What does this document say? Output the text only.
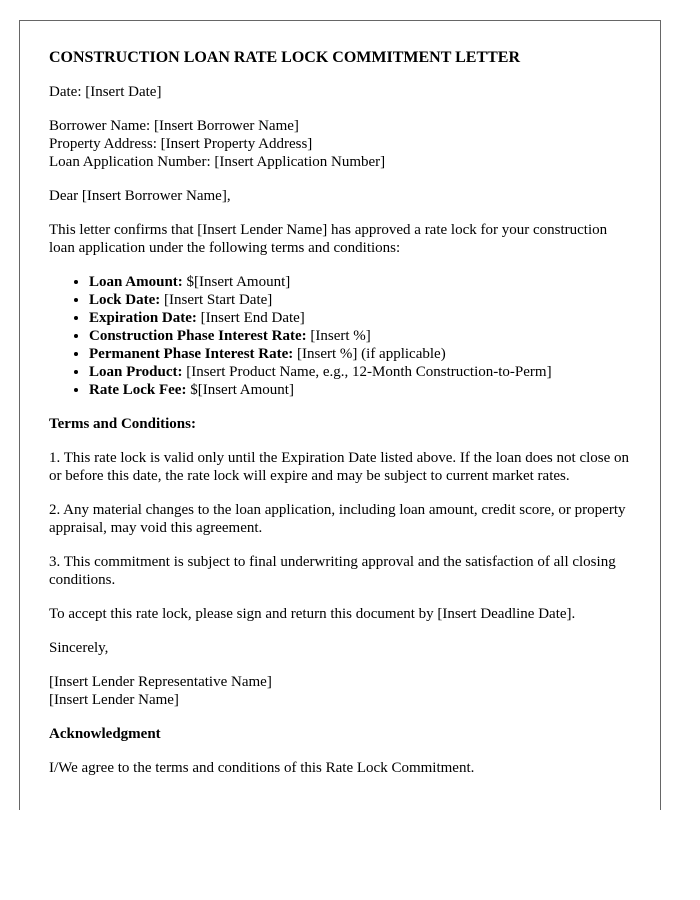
CONSTRUCTION LOAN RATE LOCK COMMITMENT LETTER

Date: [Insert Date]

Borrower Name: [Insert Borrower Name]
Property Address: [Insert Property Address]
Loan Application Number: [Insert Application Number]

Dear [Insert Borrower Name],

This letter confirms that [Insert Lender Name] has approved a rate lock for your construction loan application under the following terms and conditions:

• Loan Amount: $[Insert Amount]
• Lock Date: [Insert Start Date]
• Expiration Date: [Insert End Date]
• Construction Phase Interest Rate: [Insert %]
• Permanent Phase Interest Rate: [Insert %] (if applicable)
• Loan Product: [Insert Product Name, e.g., 12-Month Construction-to-Perm]
• Rate Lock Fee: $[Insert Amount]
Terms and Conditions:

1. This rate lock is valid only until the Expiration Date listed above. If the loan does not close on or before this date, the rate lock will expire and may be subject to current market rates.

2. Any material changes to the loan application, including loan amount, credit score, or property appraisal, may void this agreement.

3. This commitment is subject to final underwriting approval and the satisfaction of all closing conditions.

To accept this rate lock, please sign and return this document by [Insert Deadline Date].

Sincerely,

[Insert Lender Representative Name]
[Insert Lender Name]
Acknowledgment

I/We agree to the terms and conditions of this Rate Lock Commitment.
